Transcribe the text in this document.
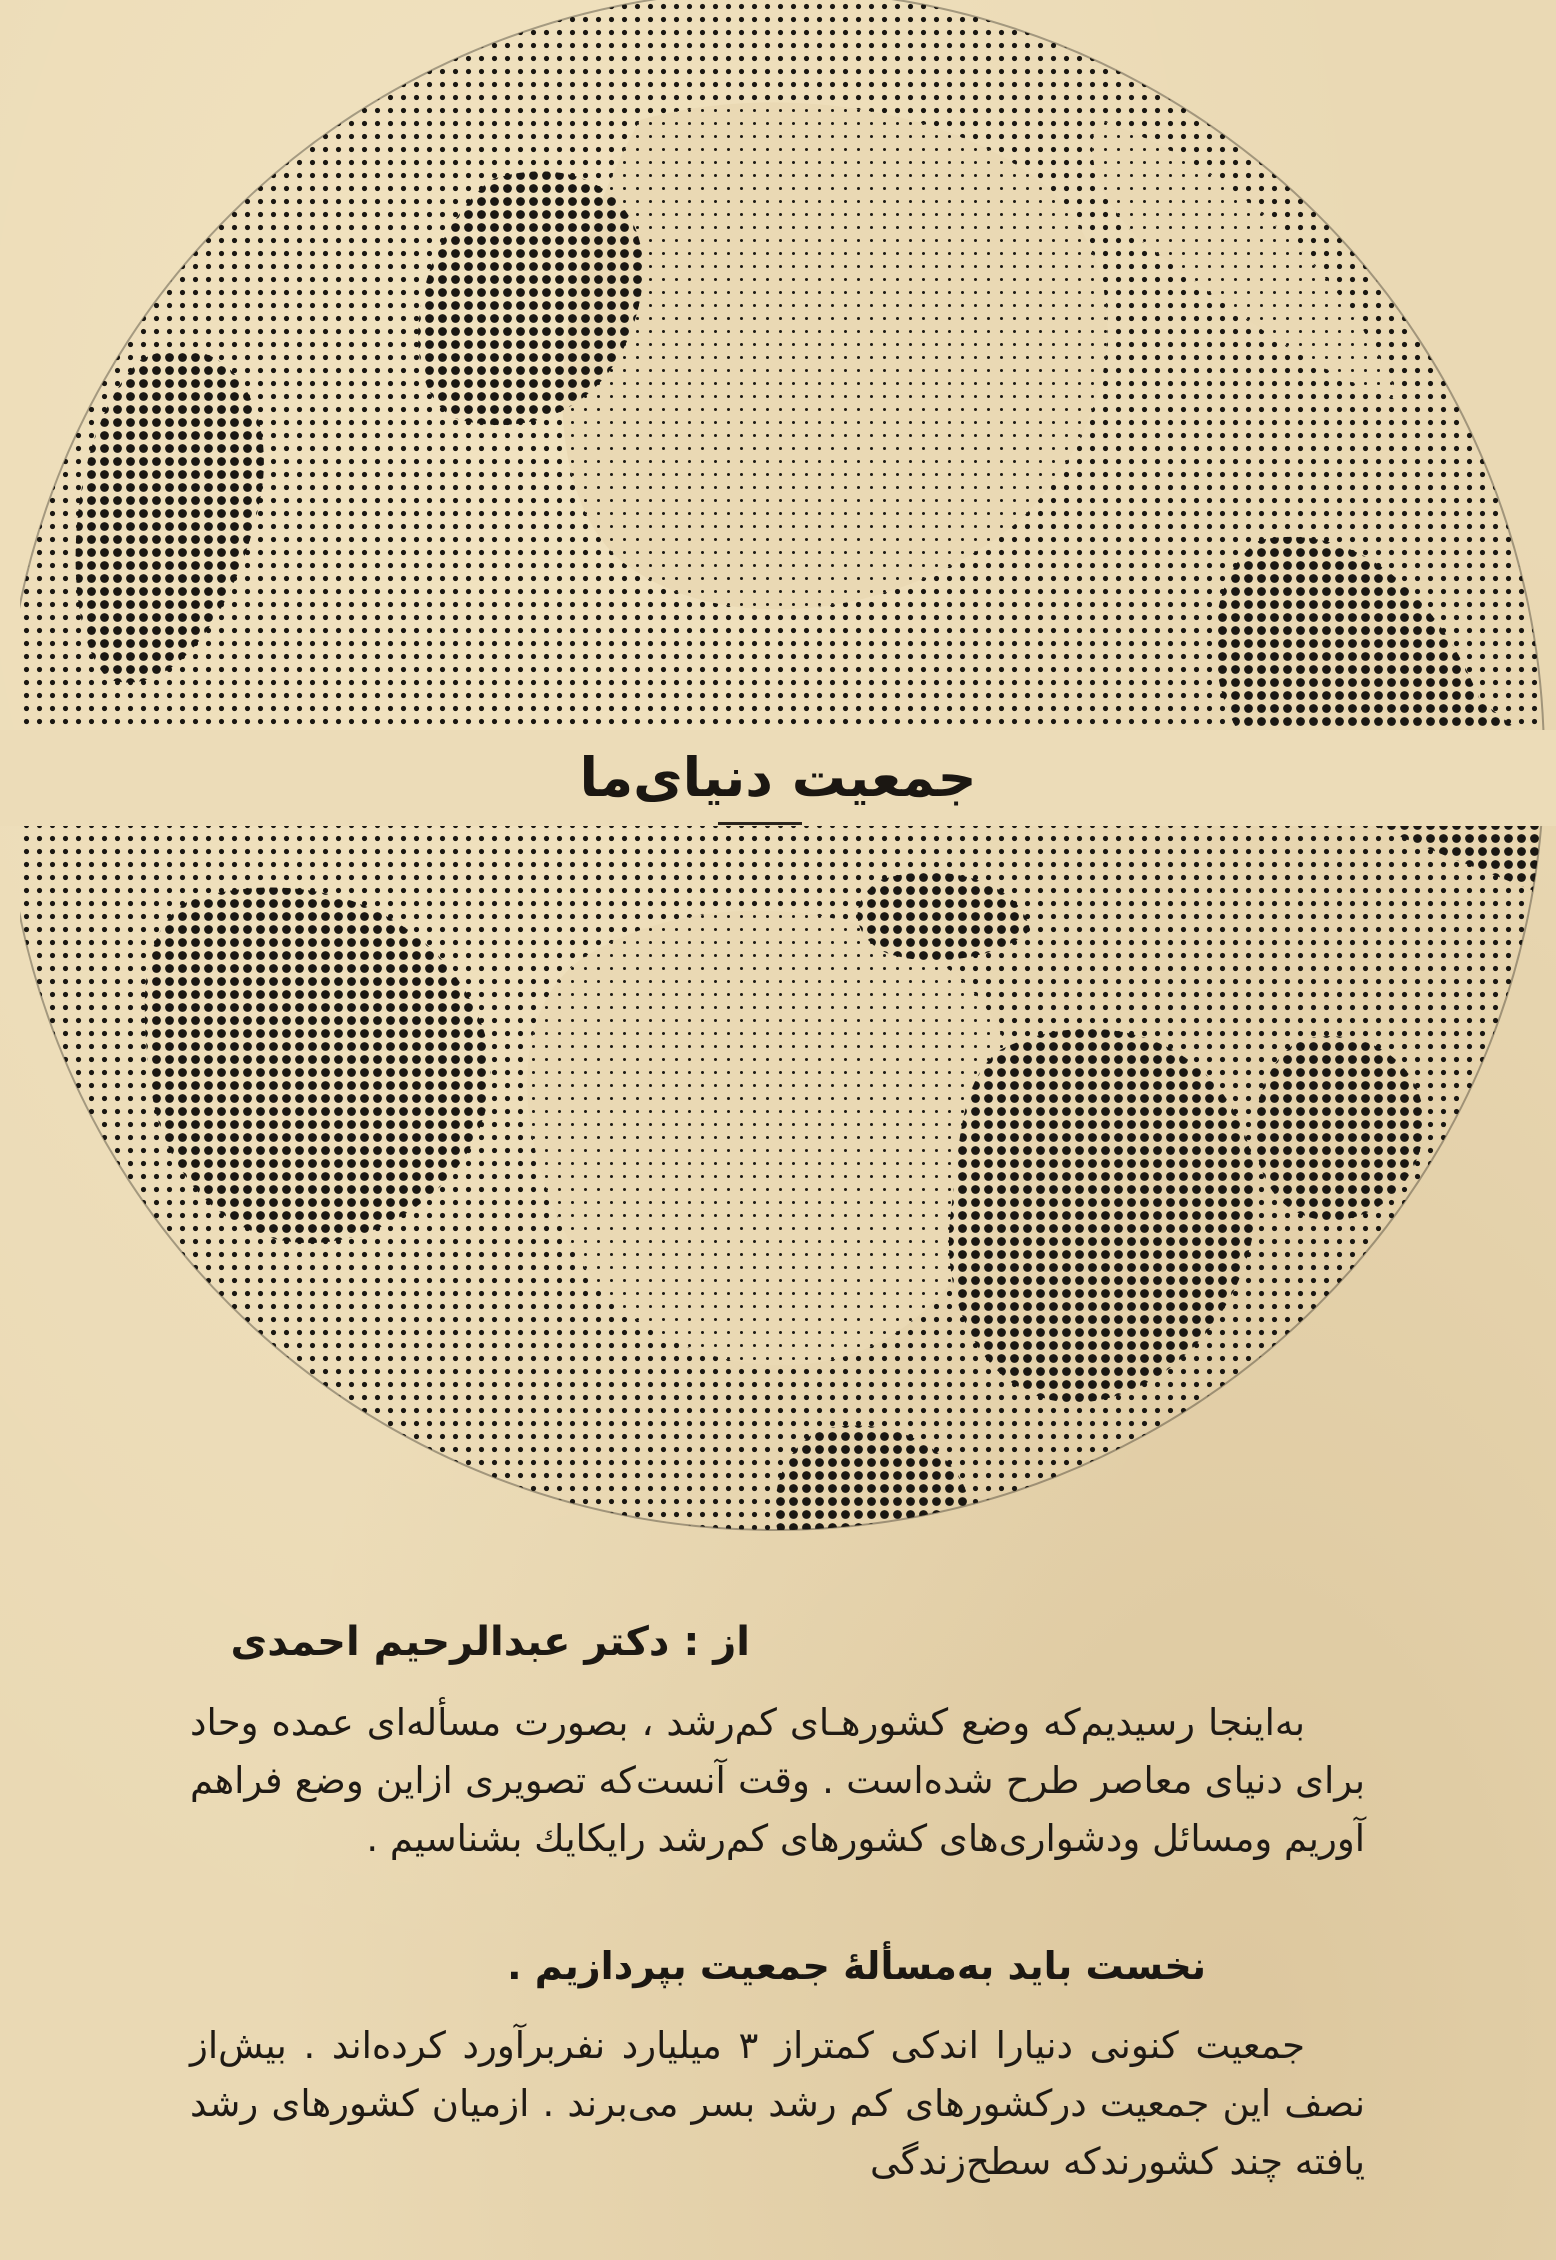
جمعیت دنیای‌ما
از : دکتر عبدالرحیم احمدی
به‌اینجا رسیدیم‌که وضع کشورهـای کم‌رشد ، بصورت مسأله‌ای عمده وحاد برای دنیای معاصر طرح شده‌است . وقت آنست‌که تصویری ازاین وضع فراهم آوریم ومسائل ودشواری‌های کشورهای کم‌رشد رایکایك بشناسیم .
نخست باید به‌مسألهٔ جمعیت بپردازیم .
جمعیت کنونی دنیارا اندکی کمتراز ۳ میلیارد نفربرآورد کرده‌اند . بیش‌از نصف این جمعیت درکشورهای کم رشد بسر می‌برند . ازمیان کشورهای رشد یافته چند کشورندکه سطح‌زندگی
